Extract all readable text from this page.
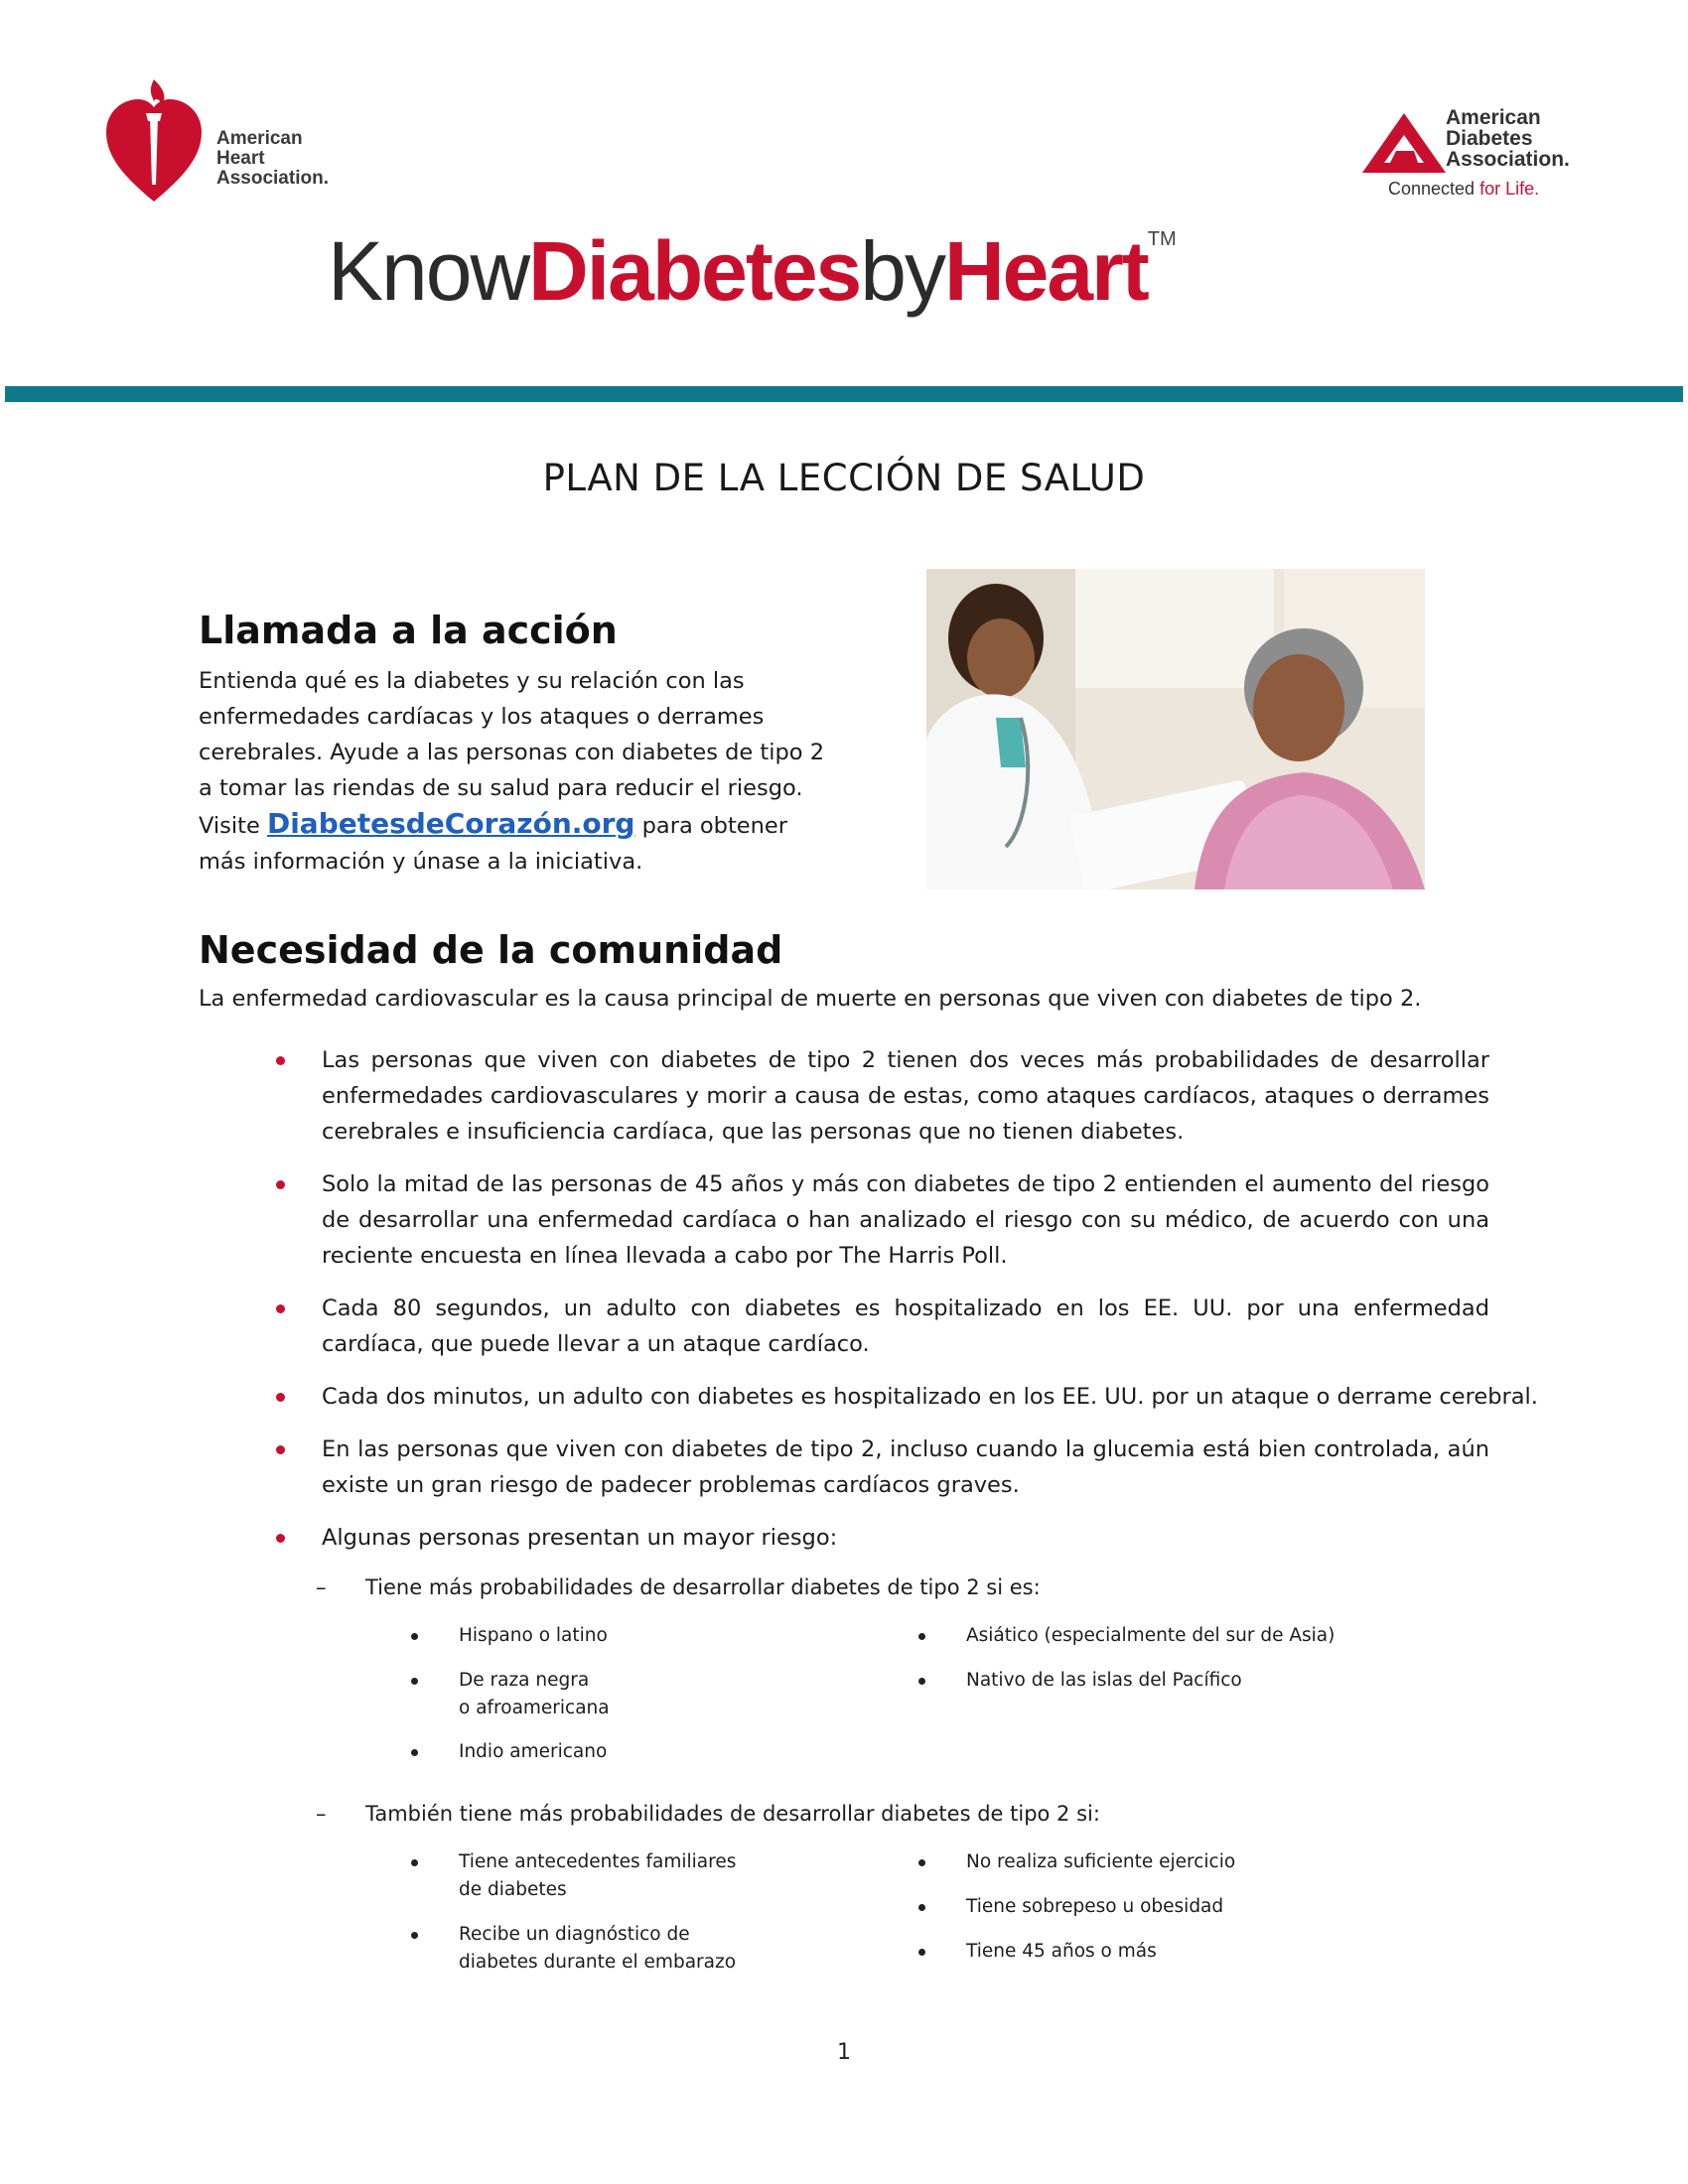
American
Heart
Association.
American
Diabetes
Association.
Connected for Life.
KnowDiabetesbyHeartTM
PLAN DE LA LECCIÓN DE SALUD
Llamada a la acción
Entienda qué es la diabetes y su relación con las
enfermedades cardíacas y los ataques o derrames
cerebrales. Ayude a las personas con diabetes de tipo 2
a tomar las riendas de su salud para reducir el riesgo.
Visite DiabetesdeCorazón.org para obtener
más información y únase a la iniciativa.
Necesidad de la comunidad
La enfermedad cardiovascular es la causa principal de muerte en personas que viven con diabetes de tipo 2.
Las personas que viven con diabetes de tipo 2 tienen dos veces más probabilidades de desarrollar enfermedades cardiovasculares y morir a causa de estas, como ataques cardíacos, ataques o derrames cerebrales e insuficiencia cardíaca, que las personas que no tienen diabetes.
Solo la mitad de las personas de 45 años y más con diabetes de tipo 2 entienden el aumento del riesgo de desarrollar una enfermedad cardíaca o han analizado el riesgo con su médico, de acuerdo con una reciente encuesta en línea llevada a cabo por The Harris Poll.
Cada 80 segundos, un adulto con diabetes es hospitalizado en los EE. UU. por una enfermedad cardíaca, que puede llevar a un ataque cardíaco.
Cada dos minutos, un adulto con diabetes es hospitalizado en los EE. UU. por un ataque o derrame cerebral.
En las personas que viven con diabetes de tipo 2, incluso cuando la glucemia está bien controlada, aún existe un gran riesgo de padecer problemas cardíacos graves.
Algunas personas presentan un mayor riesgo:
– Tiene más probabilidades de desarrollar diabetes de tipo 2 si es:
Hispano o latino
De raza negra
o afroamericana
Indio americano
Asiático (especialmente del sur de Asia)
Nativo de las islas del Pacífico
– También tiene más probabilidades de desarrollar diabetes de tipo 2 si:
Tiene antecedentes familiares
de diabetes
Recibe un diagnóstico de
diabetes durante el embarazo
No realiza suficiente ejercicio
Tiene sobrepeso u obesidad
Tiene 45 años o más
1
